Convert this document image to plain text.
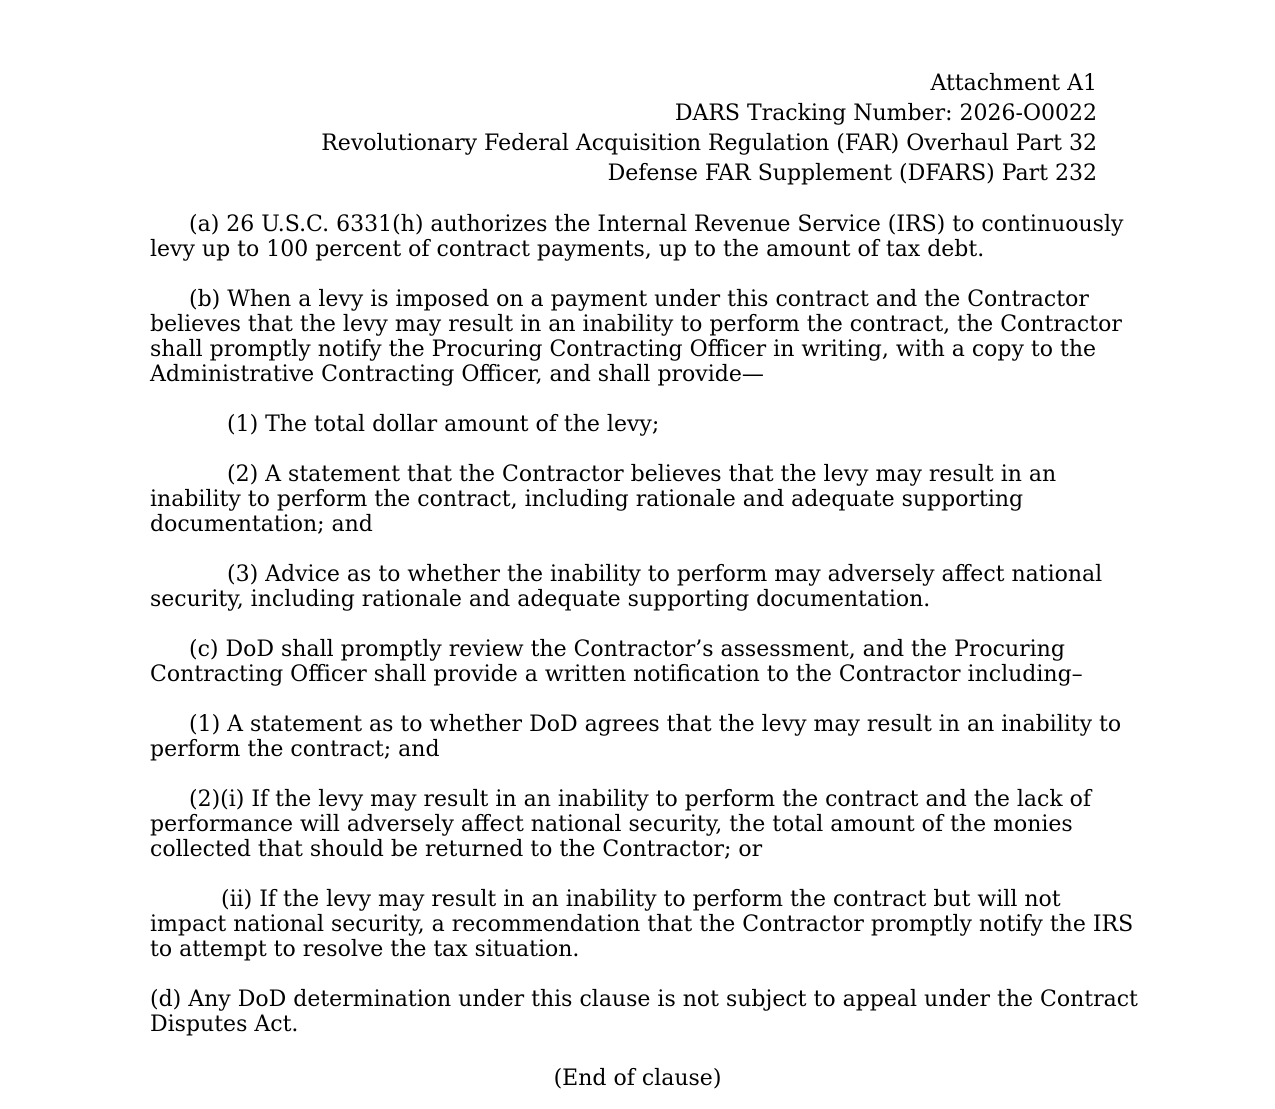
Attachment A1
DARS Tracking Number: 2026-O0022
Revolutionary Federal Acquisition Regulation (FAR) Overhaul Part 32
Defense FAR Supplement (DFARS) Part 232

(a) 26 U.S.C. 6331(h) authorizes the Internal Revenue Service (IRS) to continuously levy up to 100 percent of contract payments, up to the amount of tax debt.

(b) When a levy is imposed on a payment under this contract and the Contractor believes that the levy may result in an inability to perform the contract, the Contractor shall promptly notify the Procuring Contracting Officer in writing, with a copy to the Administrative Contracting Officer, and shall provide—

(1) The total dollar amount of the levy;

(2) A statement that the Contractor believes that the levy may result in an inability to perform the contract, including rationale and adequate supporting documentation; and

(3) Advice as to whether the inability to perform may adversely affect national security, including rationale and adequate supporting documentation.

(c) DoD shall promptly review the Contractor’s assessment, and the Procuring Contracting Officer shall provide a written notification to the Contractor including–

(1) A statement as to whether DoD agrees that the levy may result in an inability to perform the contract; and

(2)(i) If the levy may result in an inability to perform the contract and the lack of performance will adversely affect national security, the total amount of the monies collected that should be returned to the Contractor; or

(ii) If the levy may result in an inability to perform the contract but will not impact national security, a recommendation that the Contractor promptly notify the IRS to attempt to resolve the tax situation.

(d) Any DoD determination under this clause is not subject to appeal under the Contract Disputes Act.

(End of clause)
